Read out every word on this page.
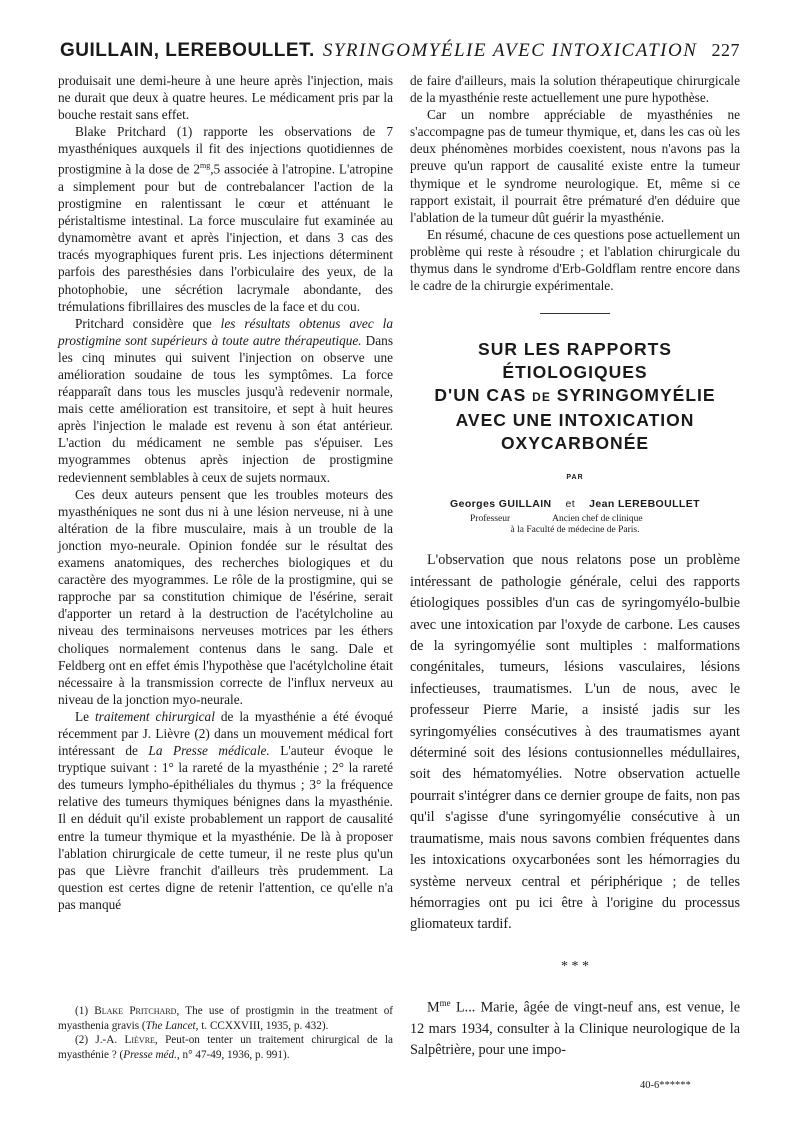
GUILLAIN, LEREBOULLET. SYRINGOMYÉLIE AVEC INTOXICATION 227

produisait une demi-heure à une heure après l'injection, mais ne durait que deux à quatre heures. Le médicament pris par la bouche restait sans effet.

Blake Pritchard (1) rapporte les observations de 7 myasthéniques auxquels il fit des injections quotidiennes de prostigmine à la dose de $2^{mg},5$ associée à l'atropine. L'atropine a simplement pour but de contrebalancer l'action de la prostigmine en ralentissant le cœur et atténuant le péristaltisme intestinal. La force musculaire fut examinée au dynamomètre avant et après l'injection, et dans 3 cas des tracés myographiques furent pris. Les injections déterminent parfois des paresthésies dans l'orbiculaire des yeux, de la photophobie, une sécrétion lacrymale abondante, des trémulations fibrillaires des muscles de la face et du cou.

Pritchard considère que les résultats obtenus avec la prostigmine sont supérieurs à toute autre thérapeutique. Dans les cinq minutes qui suivent l'injection on observe une amélioration soudaine de tous les symptômes. La force réapparaît dans tous les muscles jusqu'à redevenir normale, mais cette amélioration est transitoire, et sept à huit heures après l'injection le malade est revenu à son état antérieur. L'action du médicament ne semble pas s'épuiser. Les myogrammes obtenus après injection de prostigmine redeviennent semblables à ceux de sujets normaux.

Ces deux auteurs pensent que les troubles moteurs des myasthéniques ne sont dus ni à une lésion nerveuse, ni à une altération de la fibre musculaire, mais à un trouble de la jonction myo-neurale. Opinion fondée sur le résultat des examens anatomiques, des recherches biologiques et du caractère des myogrammes. Le rôle de la prostigmine, qui se rapproche par sa constitution chimique de l'ésérine, serait d'apporter un retard à la destruction de l'acétylcholine au niveau des terminaisons nerveuses motrices par les éthers choliques normalement contenus dans le sang. Dale et Feldberg ont en effet émis l'hypothèse que l'acétylcholine était nécessaire à la transmission correcte de l'influx nerveux au niveau de la jonction myo-neurale.

Le traitement chirurgical de la myasthénie a été évoqué récemment par J. Lièvre (2) dans un mouvement médical fort intéressant de La Presse médicale. L'auteur évoque le tryptique suivant : 1° la rareté de la myasthénie ; 2° la rareté des tumeurs lympho-épithéliales du thymus ; 3° la fréquence relative des tumeurs thymiques bénignes dans la myasthénie. Il en déduit qu'il existe probablement un rapport de causalité entre la tumeur thymique et la myasthénie. De là à proposer l'ablation chirurgicale de cette tumeur, il ne reste plus qu'un pas que Lièvre franchit d'ailleurs très prudemment. La question est certes digne de retenir l'attention, ce qu'elle n'a pas manqué

(1) Blake Pritchard, The use of prostigmin in the treatment of myasthenia gravis (The Lancet, t. CCXXVIII, 1935, p. 432).

(2) J.-A. Lièvre, Peut-on tenter un traitement chirurgical de la myasthénie ? (Presse méd., n° 47-49, 1936, p. 991).

de faire d'ailleurs, mais la solution thérapeutique chirurgicale de la myasthénie reste actuellement une pure hypothèse.

Car un nombre appréciable de myasthénies ne s'accompagne pas de tumeur thymique, et, dans les cas où les deux phénomènes morbides coexistent, nous n'avons pas la preuve qu'un rapport de causalité existe entre la tumeur thymique et le syndrome neurologique. Et, même si ce rapport existait, il pourrait être prématuré d'en déduire que l'ablation de la tumeur dût guérir la myasthénie.

En résumé, chacune de ces questions pose actuellement un problème qui reste à résoudre ; et l'ablation chirurgicale du thymus dans le syndrome d'Erb-Goldflam rentre encore dans le cadre de la chirurgie expérimentale.

SUR LES RAPPORTS
ÉTIOLOGIQUES
D'UN CAS DE SYRINGOMYÉLIE
AVEC UNE INTOXICATION
OXYCARBONÉE
PAR
Georges GUILLAIN et Jean LEREBOULLET
Professeur	Ancien chef de clinique
à la Faculté de médecine de Paris.

L'observation que nous relatons pose un problème intéressant de pathologie générale, celui des rapports étiologiques possibles d'un cas de syringomyélo-bulbie avec une intoxication par l'oxyde de carbone. Les causes de la syringomyélie sont multiples : malformations congénitales, tumeurs, lésions vasculaires, lésions infectieuses, traumatismes. L'un de nous, avec le professeur Pierre Marie, a insisté jadis sur les syringomyélies consécutives à des traumatismes ayant déterminé soit des lésions contusionnelles médullaires, soit des hématomyélies. Notre observation actuelle pourrait s'intégrer dans ce dernier groupe de faits, non pas qu'il s'agisse d'une syringomyélie consécutive à un traumatisme, mais nous savons combien fréquentes dans les intoxications oxycarbonées sont les hémorragies du système nerveux central et périphérique ; de telles hémorragies ont pu ici être à l'origine du processus gliomateux tardif.

* * *

$M^{me}$ L... Marie, âgée de vingt-neuf ans, est venue, le 12 mars 1934, consulter à la Clinique neurologique de la Salpêtrière, pour une impo-

40-6******
